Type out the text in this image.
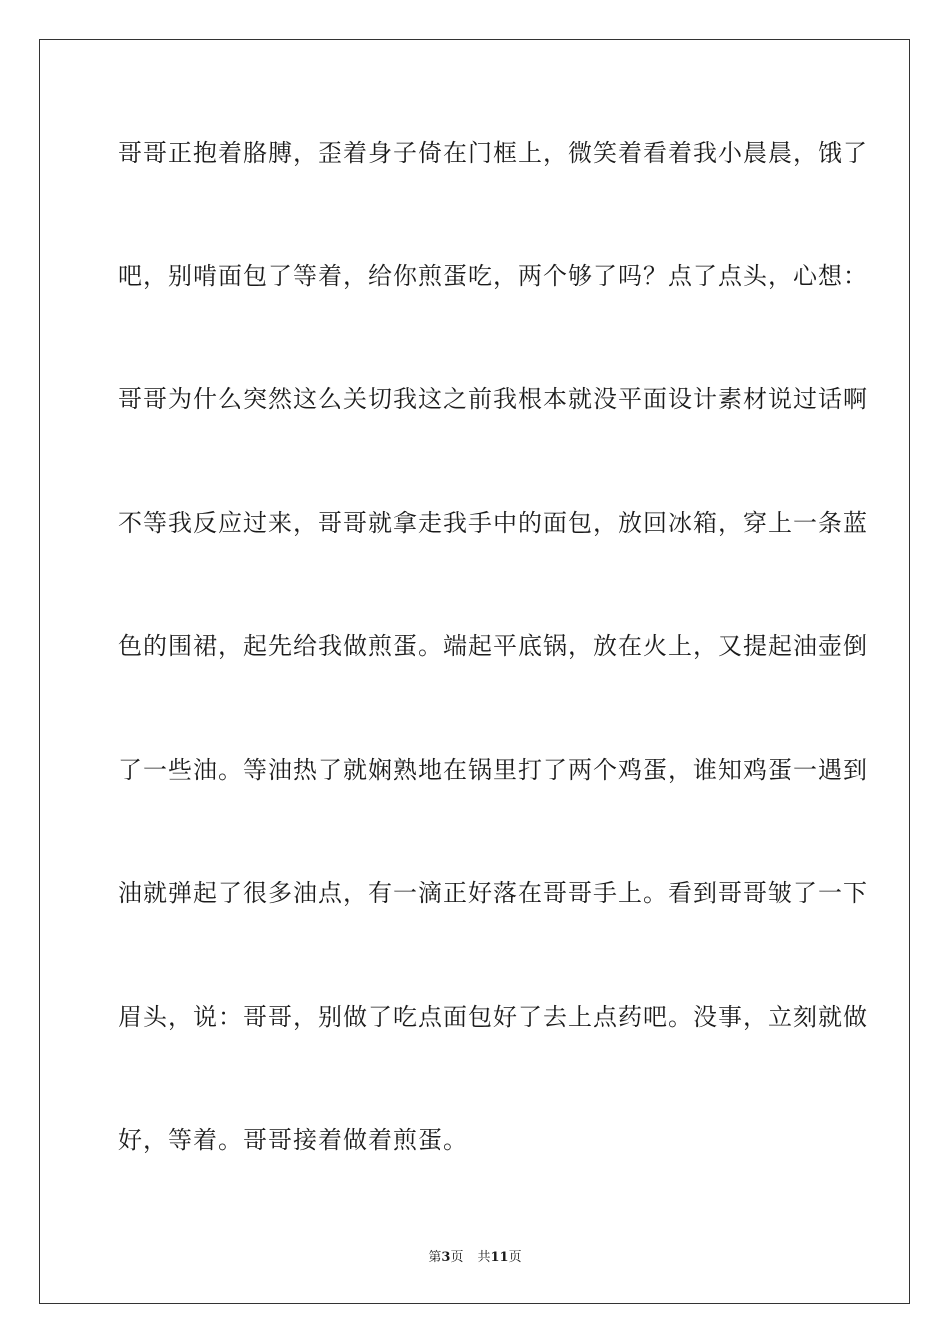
哥哥正抱着胳膊，歪着身子倚在门框上，微笑着看着我小晨晨，饿了
吧，别啃面包了等着，给你煎蛋吃，两个够了吗？点了点头，心想：
哥哥为什么突然这么关切我这之前我根本就没平面设计素材说过话啊
不等我反应过来，哥哥就拿走我手中的面包，放回冰箱，穿上一条蓝
色的围裙，起先给我做煎蛋。端起平底锅，放在火上，又提起油壶倒
了一些油。等油热了就娴熟地在锅里打了两个鸡蛋，谁知鸡蛋一遇到
油就弹起了很多油点，有一滴正好落在哥哥手上。看到哥哥皱了一下
眉头，说：哥哥，别做了吃点面包好了去上点药吧。没事，立刻就做
好，等着。哥哥接着做着煎蛋。
第3页 共11页
